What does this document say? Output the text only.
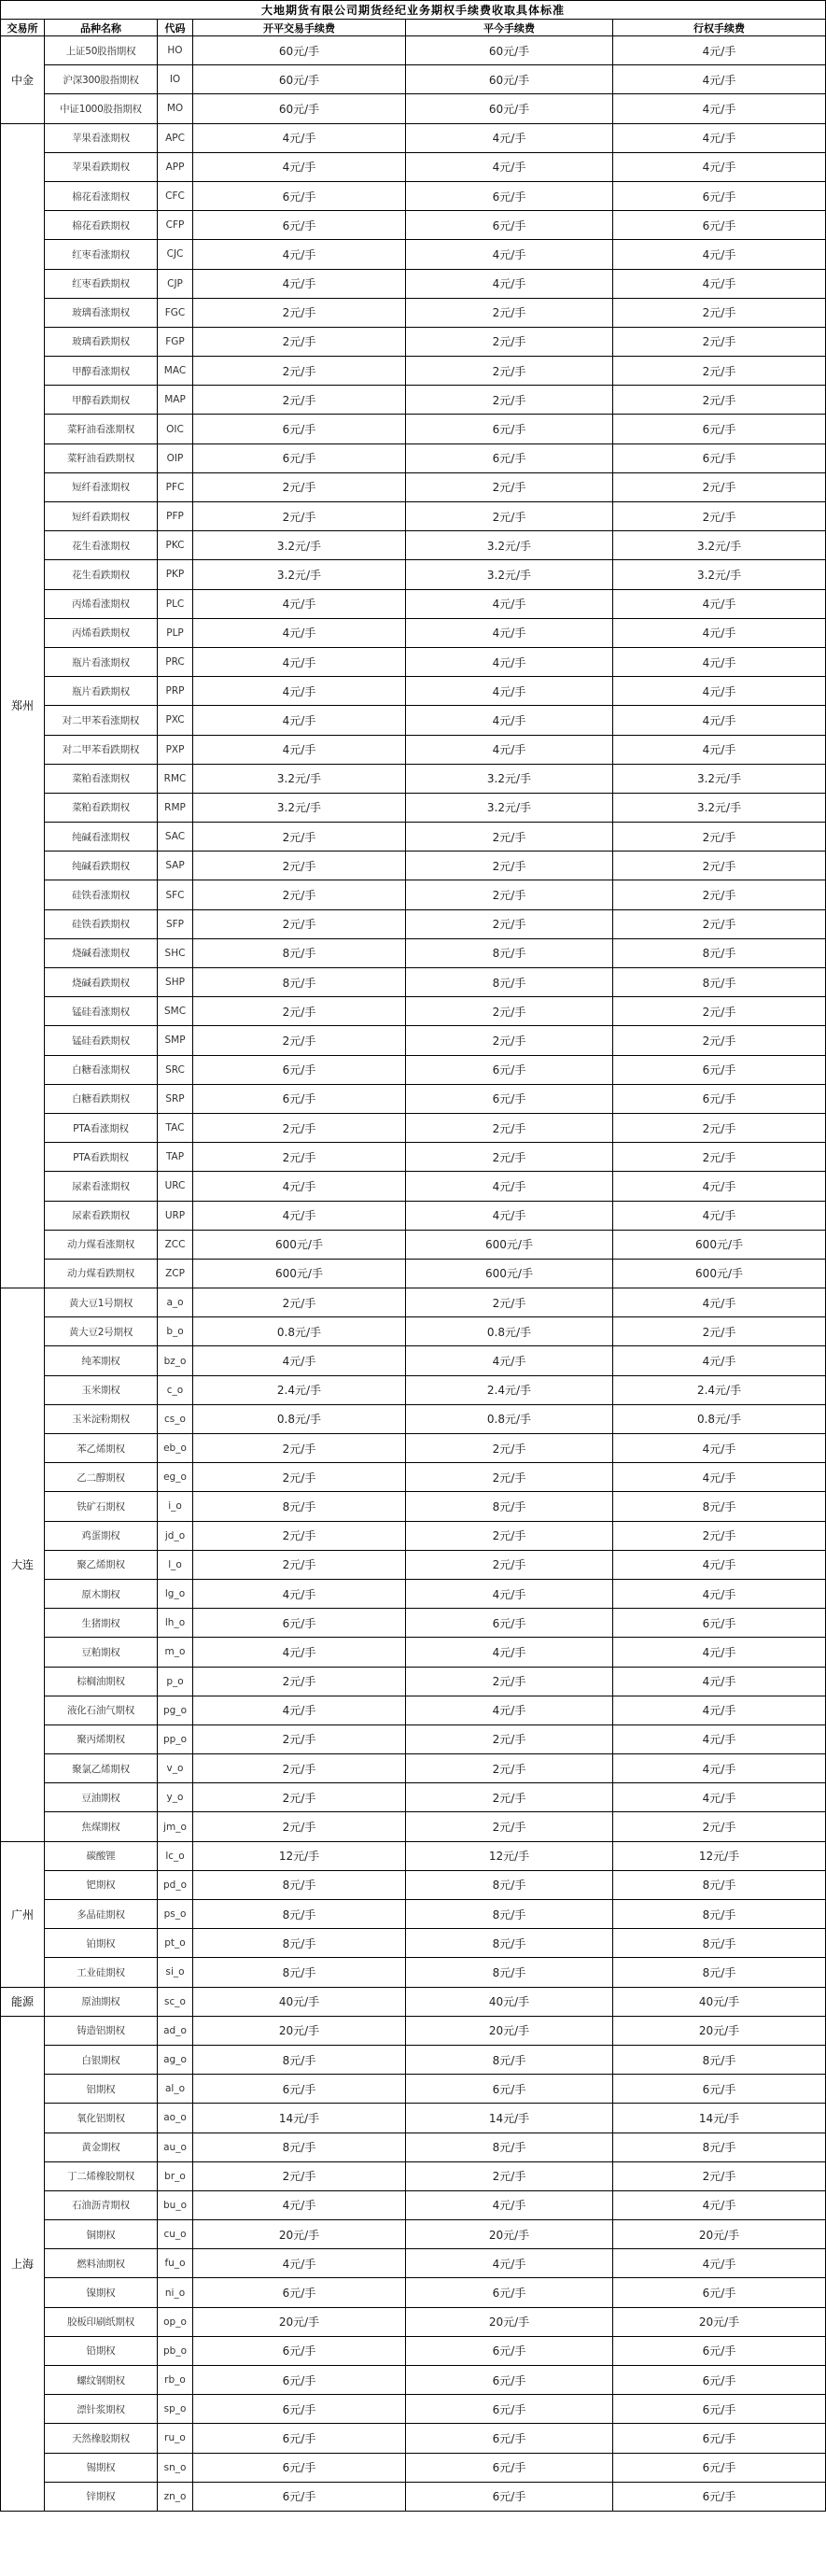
大地期货有限公司期货经纪业务期权手续费收取具体标准					
交易所	品种名称	代码	开平交易手续费	平今手续费	行权手续费
中金	上证50股指期权	HO	60元/手	60元/手	4元/手
	沪深300股指期权	IO	60元/手	60元/手	4元/手
	中证1000股指期权	MO	60元/手	60元/手	4元/手
郑州	苹果看涨期权	APC	4元/手	4元/手	4元/手
	苹果看跌期权	APP	4元/手	4元/手	4元/手
	棉花看涨期权	CFC	6元/手	6元/手	6元/手
	棉花看跌期权	CFP	6元/手	6元/手	6元/手
	红枣看涨期权	CJC	4元/手	4元/手	4元/手
	红枣看跌期权	CJP	4元/手	4元/手	4元/手
	玻璃看涨期权	FGC	2元/手	2元/手	2元/手
	玻璃看跌期权	FGP	2元/手	2元/手	2元/手
	甲醇看涨期权	MAC	2元/手	2元/手	2元/手
	甲醇看跌期权	MAP	2元/手	2元/手	2元/手
	菜籽油看涨期权	OIC	6元/手	6元/手	6元/手
	菜籽油看跌期权	OIP	6元/手	6元/手	6元/手
	短纤看涨期权	PFC	2元/手	2元/手	2元/手
	短纤看跌期权	PFP	2元/手	2元/手	2元/手
	花生看涨期权	PKC	3.2元/手	3.2元/手	3.2元/手
	花生看跌期权	PKP	3.2元/手	3.2元/手	3.2元/手
	丙烯看涨期权	PLC	4元/手	4元/手	4元/手
	丙烯看跌期权	PLP	4元/手	4元/手	4元/手
	瓶片看涨期权	PRC	4元/手	4元/手	4元/手
	瓶片看跌期权	PRP	4元/手	4元/手	4元/手
	对二甲苯看涨期权	PXC	4元/手	4元/手	4元/手
	对二甲苯看跌期权	PXP	4元/手	4元/手	4元/手
	菜粕看涨期权	RMC	3.2元/手	3.2元/手	3.2元/手
	菜粕看跌期权	RMP	3.2元/手	3.2元/手	3.2元/手
	纯碱看涨期权	SAC	2元/手	2元/手	2元/手
	纯碱看跌期权	SAP	2元/手	2元/手	2元/手
	硅铁看涨期权	SFC	2元/手	2元/手	2元/手
	硅铁看跌期权	SFP	2元/手	2元/手	2元/手
	烧碱看涨期权	SHC	8元/手	8元/手	8元/手
	烧碱看跌期权	SHP	8元/手	8元/手	8元/手
	锰硅看涨期权	SMC	2元/手	2元/手	2元/手
	锰硅看跌期权	SMP	2元/手	2元/手	2元/手
	白糖看涨期权	SRC	6元/手	6元/手	6元/手
	白糖看跌期权	SRP	6元/手	6元/手	6元/手
	PTA看涨期权	TAC	2元/手	2元/手	2元/手
	PTA看跌期权	TAP	2元/手	2元/手	2元/手
	尿素看涨期权	URC	4元/手	4元/手	4元/手
	尿素看跌期权	URP	4元/手	4元/手	4元/手
	动力煤看涨期权	ZCC	600元/手	600元/手	600元/手
	动力煤看跌期权	ZCP	600元/手	600元/手	600元/手
大连	黄大豆1号期权	a_o	2元/手	2元/手	4元/手
	黄大豆2号期权	b_o	0.8元/手	0.8元/手	2元/手
	纯苯期权	bz_o	4元/手	4元/手	4元/手
	玉米期权	c_o	2.4元/手	2.4元/手	2.4元/手
	玉米淀粉期权	cs_o	0.8元/手	0.8元/手	0.8元/手
	苯乙烯期权	eb_o	2元/手	2元/手	4元/手
	乙二醇期权	eg_o	2元/手	2元/手	4元/手
	铁矿石期权	i_o	8元/手	8元/手	8元/手
	鸡蛋期权	jd_o	2元/手	2元/手	2元/手
	聚乙烯期权	l_o	2元/手	2元/手	4元/手
	原木期权	lg_o	4元/手	4元/手	4元/手
	生猪期权	lh_o	6元/手	6元/手	6元/手
	豆粕期权	m_o	4元/手	4元/手	4元/手
	棕榈油期权	p_o	2元/手	2元/手	4元/手
	液化石油气期权	pg_o	4元/手	4元/手	4元/手
	聚丙烯期权	pp_o	2元/手	2元/手	4元/手
	聚氯乙烯期权	v_o	2元/手	2元/手	4元/手
	豆油期权	y_o	2元/手	2元/手	4元/手
	焦煤期权	jm_o	2元/手	2元/手	2元/手
广州	碳酸锂	lc_o	12元/手	12元/手	12元/手
	钯期权	pd_o	8元/手	8元/手	8元/手
	多晶硅期权	ps_o	8元/手	8元/手	8元/手
	铂期权	pt_o	8元/手	8元/手	8元/手
	工业硅期权	si_o	8元/手	8元/手	8元/手
能源	原油期权	sc_o	40元/手	40元/手	40元/手
上海	铸造铝期权	ad_o	20元/手	20元/手	20元/手
	白银期权	ag_o	8元/手	8元/手	8元/手
	铝期权	al_o	6元/手	6元/手	6元/手
	氧化铝期权	ao_o	14元/手	14元/手	14元/手
	黄金期权	au_o	8元/手	8元/手	8元/手
	丁二烯橡胶期权	br_o	2元/手	2元/手	2元/手
	石油沥青期权	bu_o	4元/手	4元/手	4元/手
	铜期权	cu_o	20元/手	20元/手	20元/手
	燃料油期权	fu_o	4元/手	4元/手	4元/手
	镍期权	ni_o	6元/手	6元/手	6元/手
	胶板印刷纸期权	op_o	20元/手	20元/手	20元/手
	铅期权	pb_o	6元/手	6元/手	6元/手
	螺纹钢期权	rb_o	6元/手	6元/手	6元/手
	漂针浆期权	sp_o	6元/手	6元/手	6元/手
	天然橡胶期权	ru_o	6元/手	6元/手	6元/手
	锡期权	sn_o	6元/手	6元/手	6元/手
	锌期权	zn_o	6元/手	6元/手	6元/手
